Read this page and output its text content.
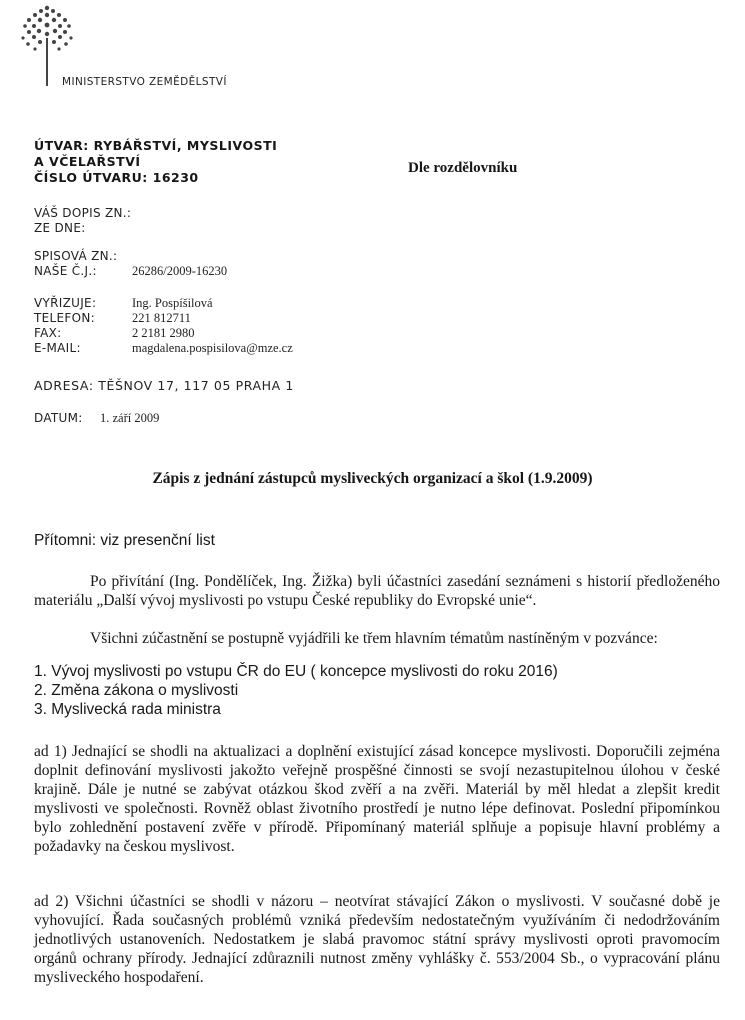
MINISTERSTVO ZEMĚDĚLSTVÍ
ÚTVAR: RYBÁŘSTVÍ, MYSLIVOSTI
A VČELAŘSTVÍ
ČÍSLO ÚTVARU: 16230
Dle rozdělovníku
VÁŠ DOPIS ZN.:
ZE DNE:
SPISOVÁ ZN.:
NAŠE Č.J.:	26286/2009-16230
VYŘIZUJE:	Ing. Pospíšilová
TELEFON:	221 812711
FAX:	2 2181 2980
E-MAIL:	magdalena.pospisilova@mze.cz
ADRESA: TĚŠNOV 17, 117 05 PRAHA 1
DATUM:	1. září 2009
Zápis z jednání zástupců mysliveckých organizací a škol (1.9.2009)
Přítomni: viz presenční list
Po přivítání (Ing. Pondělíček, Ing. Žižka) byli účastníci zasedání seznámeni s historií předloženého materiálu „Další vývoj myslivosti po vstupu České republiky do Evropské unie“.
Všichni zúčastnění se postupně vyjádřili ke třem hlavním tématům nastíněným v pozvánce:
1. Vývoj myslivosti po vstupu ČR do EU ( koncepce myslivosti do roku 2016)
2. Změna zákona o myslivosti
3. Myslivecká rada ministra
ad 1) Jednající se shodli na aktualizaci a doplnění existující zásad koncepce myslivosti. Doporučili zejména doplnit definování myslivosti jakožto veřejně prospěšné činnosti se svojí nezastupitelnou úlohou v české krajině. Dále je nutné se zabývat otázkou škod zvěří a na zvěři. Materiál by měl hledat a zlepšit kredit myslivosti ve společnosti. Rovněž oblast životního prostředí je nutno lépe definovat. Poslední připomínkou bylo zohlednění postavení zvěře v přírodě. Připomínaný materiál splňuje a popisuje hlavní problémy a požadavky na českou myslivost.
ad 2) Všichni účastníci se shodli v názoru – neotvírat stávající Zákon o myslivosti. V současné době je vyhovující. Řada současných problémů vzniká především nedostatečným využíváním či nedodržováním jednotlivých ustanoveních. Nedostatkem je slabá pravomoc státní správy myslivosti oproti pravomocím orgánů ochrany přírody. Jednající zdůraznili nutnost změny vyhlášky č. 553/2004 Sb., o vypracování plánu mysliveckého hospodaření.
